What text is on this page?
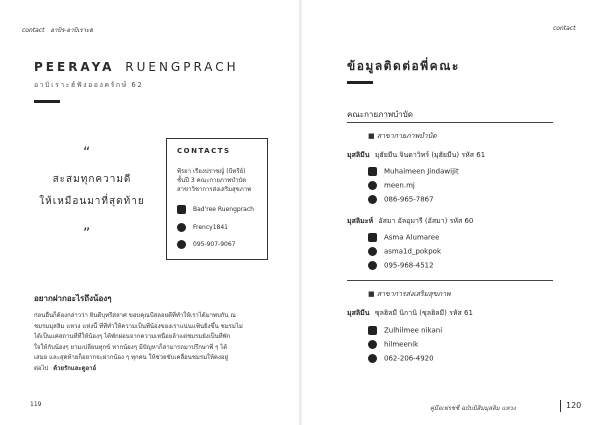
contact อาบิร-อาบิเราะฮ
PEERAYA RUENGPRACH
อาบิเราะฮ์ฟังอองครักษ์ 62
“
สะสมทุกความดี
ให้เหมือนมาที่สุดท้าย
”
CONTACTS
พีรยา เรืองปราชญ์ (บีทรีย์)
ชั้นปี 3 คณะกายภาพบำบัด
สาขาวิชาการส่งเสริมสุขภาพ
Bad'ree Ruengprach
Frency1841
095-907-9067
อยากฝากอะไรถึงน้องๆ
ก่อนอื่นก็ต้องกล่าวว่า ยินดีบุทรีสลาศ ขอบคุณบีสลอยตีที่ทำให้เราได้มาพบกัน ณ
ชมรมมุสลิม แหวง แห่งนี้ ที่ที่ทำให้ความเป็นพี่น้องของเราแน่นแฟ้นยิ่งขึ้น ชมรมไม่
ได้เป็นแค่สถานที่ที่ให้น้องๆ ได้พักผ่อนจากความเหนื่อยล้าแต่ชมรมยังเป็นที่พัก
ใจให้กับน้องๆ ยามเปลี่ยนทุกข์ หากน้องๆ มีปัญหาก็สามารถมาปรึกษาพี่ ๆ ได้
เสมอ และสุดท้ายก็อยากจะฝากน้อง ๆ ทุกคน ให้ช่วยขับเคลื่อนชมรมให้คงอยู่
ต่อไป ด้วยรักและดูอาอ์
119
contact
ข้อมูลติดต่อพี่คณะ
คณะกายภาพบำบัด
■ สาขากายภาพบำบัด
มุสลิมีน มุฮัยมีน จินดาวิทร์ (มุฮัยมีน) รหัส 61
Muhaimeen Jindawijit
meen.mj
086-965-7867
มุสลิมะห์ อัสมา อัลอุมารี (อัสมา) รหัส 60
Asma Alumaree
asma1d_pokpok
095-968-4512
■ สาขาการส่งเสริมสุขภาพ
มุสลิมีน ซุลฮิลมี นิกานิ (ซุลฮิลมี) รหัส 61
Zulhilmee nikani
hilmeenik
062-206-4920
คู่มือเฟรชชี่ ฉบับมิสิมมุสลิม แหวง	120
